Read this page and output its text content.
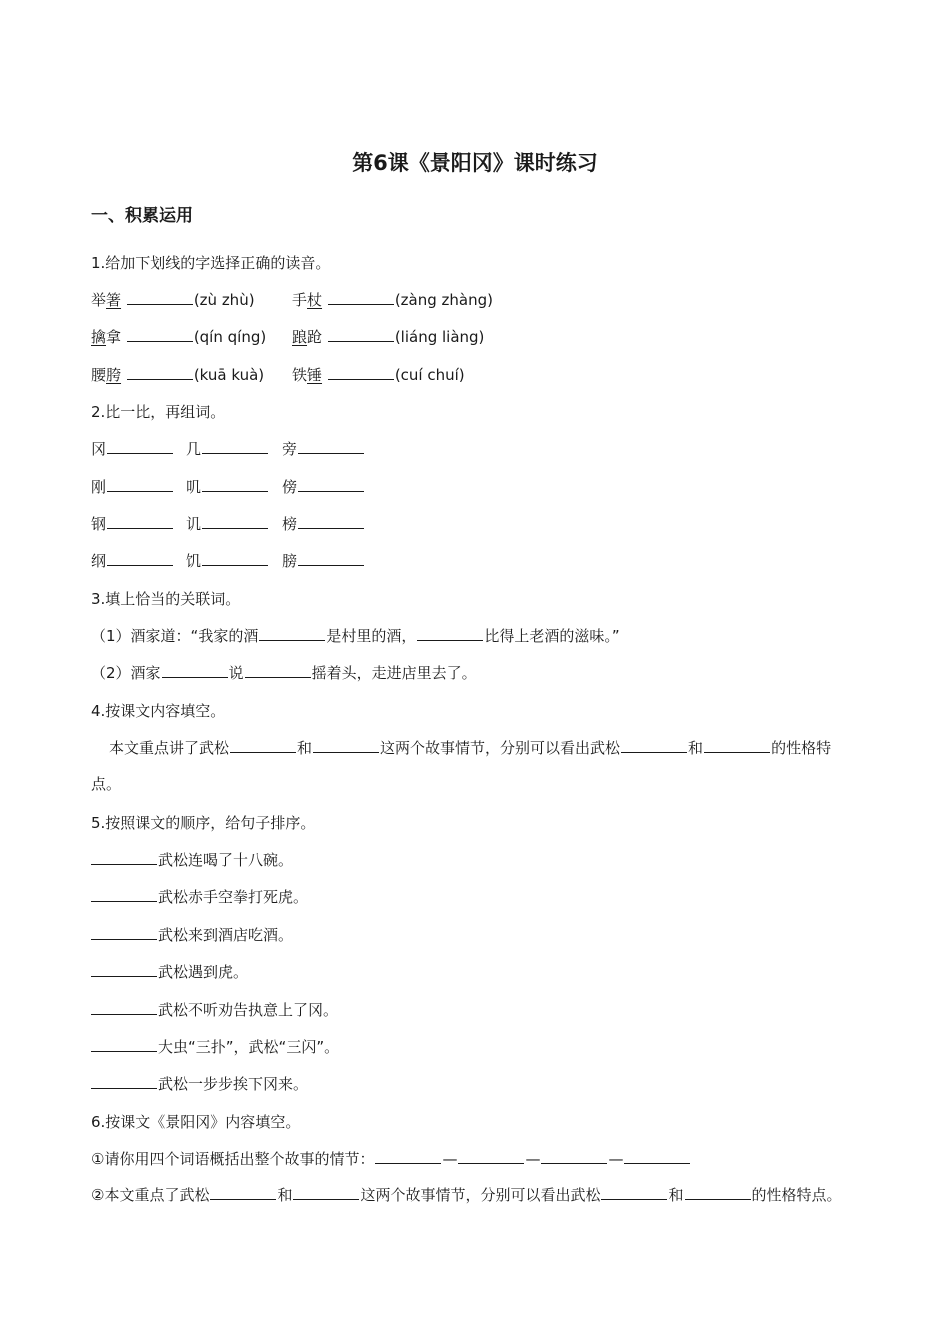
第6课《景阳冈》课时练习
一、积累运用
1.给加下划线的字选择正确的读音。
举箸	(zù zhù) 手杖	(zàng zhàng)
擒拿	(qín qíng) 踉跄	(liáng liàng)
腰胯	(kuā kuà) 铁锤	(cuí chuí)
2.比一比，再组词。
冈	几	旁
刚	叽	傍
钢	讥	榜
纲	饥	膀
3.填上恰当的关联词。
（1）酒家道：“我家的酒	是村里的酒，	比得上老酒的滋味。”
（2）酒家	说	摇着头，走进店里去了。
4.按课文内容填空。
本文重点讲了武松	和	这两个故事情节，分别可以看出武松	和	的性格特点。
5.按照课文的顺序，给句子排序。
武松连喝了十八碗。
武松赤手空拳打死虎。
武松来到酒店吃酒。
武松遇到虎。
武松不听劝告执意上了冈。
大虫“三扑”，武松“三闪”。
武松一步步挨下冈来。
6.按课文《景阳冈》内容填空。
①请你用四个词语概括出整个故事的情节：	—	—	—
②本文重点了武松	和	这两个故事情节，分别可以看出武松	和	的性格特点。
